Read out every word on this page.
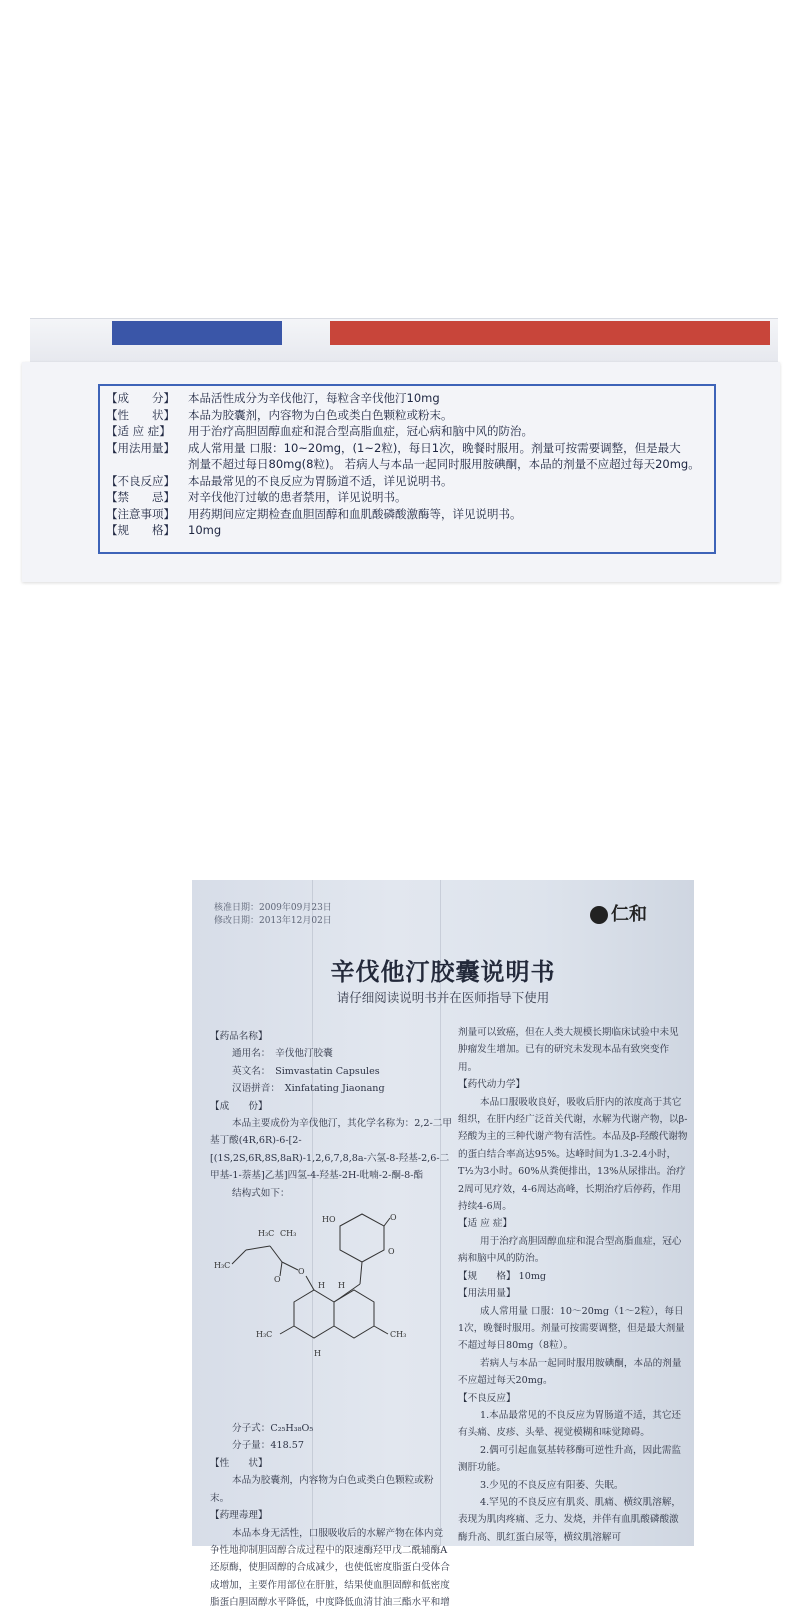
【成　　分】	本品活性成分为辛伐他汀，每粒含辛伐他汀10mg
【性　　状】	本品为胶囊剂，内容物为白色或类白色颗粒或粉末。
【适 应 症】	用于治疗高胆固醇血症和混合型高脂血症，冠心病和脑中风的防治。
【用法用量】	成人常用量 口服：10~20mg，(1~2粒)，每日1次，晚餐时服用。剂量可按需要调整，但是最大
剂量不超过每日80mg(8粒)。 若病人与本品一起同时服用胺碘酮，本品的剂量不应超过每天20mg。
【不良反应】	本品最常见的不良反应为胃肠道不适，详见说明书。
【禁　　忌】	对辛伐他汀过敏的患者禁用，详见说明书。
【注意事项】	用药期间应定期检查血胆固醇和血肌酸磷酸激酶等，详见说明书。
【规　　格】	10mg
核准日期：2009年09月23日
修改日期：2013年12月02日	仁和
辛伐他汀胶囊说明书
请仔细阅读说明书并在医师指导下使用

【药品名称】

通用名：　辛伐他汀胶囊

英文名：　Simvastatin Capsules

汉语拼音：　Xinfatating Jiaonang

【成　　份】

本品主要成份为辛伐他汀，其化学名称为：2,2-二甲基丁酸(4R,6R)-6-[2-[(1S,2S,6R,8S,8aR)-1,2,6,7,8,8a-六氢-8-羟基-2,6-二甲基-1-萘基]乙基]四氢-4-羟基-2H-吡喃-2-酮-8-酯

结构式如下：

HO	O
O
CH₃
H₃C
H H
O
O
H₃C CH₃
H₃C
H

分子式：C₂₅H₃₈O₅

分子量：418.57

【性　　状】

本品为胶囊剂，内容物为白色或类白色颗粒或粉末。

【药理毒理】

本品本身无活性，口服吸收后的水解产物在体内竞争性地抑制胆固醇合成过程中的限速酶羟甲戊二酰辅酶A还原酶，使胆固醇的合成减少，也使低密度脂蛋白受体合成增加，主要作用部位在肝脏，结果使血胆固醇和低密度脂蛋白胆固醇水平降低，中度降低血清甘油三酯水平和增

剂量可以致癌，但在人类大规模长期临床试验中未见肿瘤发生增加。已有的研究未发现本品有致突变作用。

【药代动力学】

本品口服吸收良好，吸收后肝内的浓度高于其它组织，在肝内经广泛首关代谢，水解为代谢产物，以β-羟酸为主的三种代谢产物有活性。本品及β-羟酸代谢物的蛋白结合率高达95%。达峰时间为1.3-2.4小时，T½为3小时。60%从粪便排出，13%从尿排出。治疗2周可见疗效，4-6周达高峰，长期治疗后停药，作用持续4-6周。

【适 应 症】

用于治疗高胆固醇血症和混合型高脂血症，冠心病和脑中风的防治。

【规　　格】 10mg

【用法用量】

成人常用量 口服：10～20mg（1～2粒），每日1次，晚餐时服用。剂量可按需要调整，但是最大剂量不超过每日80mg（8粒）。

若病人与本品一起同时服用胺碘酮，本品的剂量不应超过每天20mg。

【不良反应】

1.本品最常见的不良反应为胃肠道不适，其它还有头痛、皮疹、头晕、视觉模糊和味觉障碍。

2.偶可引起血氨基转移酶可逆性升高，因此需监测肝功能。

3.少见的不良反应有阳萎、失眠。

4.罕见的不良反应有肌炎、肌痛、横纹肌溶解，表现为肌肉疼痛、乏力、发烧，并伴有血肌酸磷酸激酶升高、肌红蛋白尿等，横纹肌溶解可
